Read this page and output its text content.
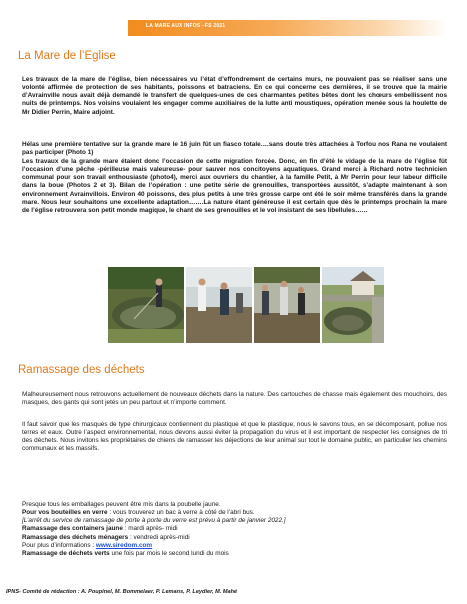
LA MARE AUX INFOS –FS 2021
La Mare de l’Eglise

Les travaux de la mare de l’église, bien nécessaires vu l’état d’effondrement de certains murs, ne pouvaient pas se réaliser sans une volonté affirmée de protection de ses habitants, poissons et batraciens. En ce qui concerne ces dernières, il se trouve que la mairie d’Avrainville nous avait déjà demandé le transfert de quelques-unes de ces charmantes petites bêtes dont les chœurs embellissent nos nuits de printemps. Nos voisins voulaient les engager comme auxiliaires de la lutte anti moustiques, opération menée sous la houlette de Mr Didier Perrin, Maire adjoint.

Hélas une première tentative sur la grande mare le 16 juin fût un fiasco totale….sans doute très attachées à Torfou nos Rana ne voulaient pas participer (Photo 1)

Les travaux de la grande mare étaient donc l’occasion de cette migration forcée. Donc, en fin d’été le vidage de la mare de l’église fût l’occasion d’une pêche -périlleuse mais valeureuse- pour sauver nos concitoyens aquatiques. Grand merci à Richard notre technicien communal pour son travail enthousiaste (photo4), merci aux ouvriers du chantier, à la famille Petit, à Mr Perrin pour leur labeur difficile dans la boue (Photos 2 et 3). Bilan de l’opération : une petite série de grenouilles, transportées aussitôt, s’adapte maintenant à son environnement Avrainvillois. Environ 40 poissons, des plus petits à une très grosse carpe ont été le soir même transférés dans la grande mare. Nous leur souhaitons une excellente adaptation…….La nature étant généreuse il est certain que dès le printemps prochain la mare de l’église retrouvera son petit monde magique, le chant de ses grenouilles et le vol insistant de ses libellules……

Ramassage des déchets

Malheureusement nous retrouvons actuellement de nouveaux déchets dans la nature. Des cartouches de chasse mais également des mouchoirs, des masques, des gants qui sont jetés un peu partout et n’importe comment.

Il faut savoir que les masques de type chirurgicaux contiennent du plastique et que le plastique, nous le savons tous, en se décomposant, pollue nos terres et eaux. Outre l’aspect environnemental, nous devons aussi éviter la propagation du virus et il est important de respecter les consignes de tri des déchets. Nous invitons les propriétaires de chiens de ramasser les déjections de leur animal sur tout le domaine public, en particulier les chemins communaux et les massifs.

Presque tous les emballages peuvent être mis dans la poubelle jaune.
Pour vos bouteilles en verre : vous trouverez un bac à verre à côté de l’abri bus.
[L’arrêt du service de ramassage de porte à porte du verre est prévu à partir de janvier 2022.]
Ramassage des containers jaune : mardi après- midi
Ramassage des déchets ménagers : vendredi après-midi
Pour plus d’informations : www.siredom.com
Ramassage de déchets verts une fois par mois le second lundi du mois
IPNS- Comité de rédaction : A. Poupinel, M. Bommelaer, P. Lemans, P. Leydier, M. Mahé
